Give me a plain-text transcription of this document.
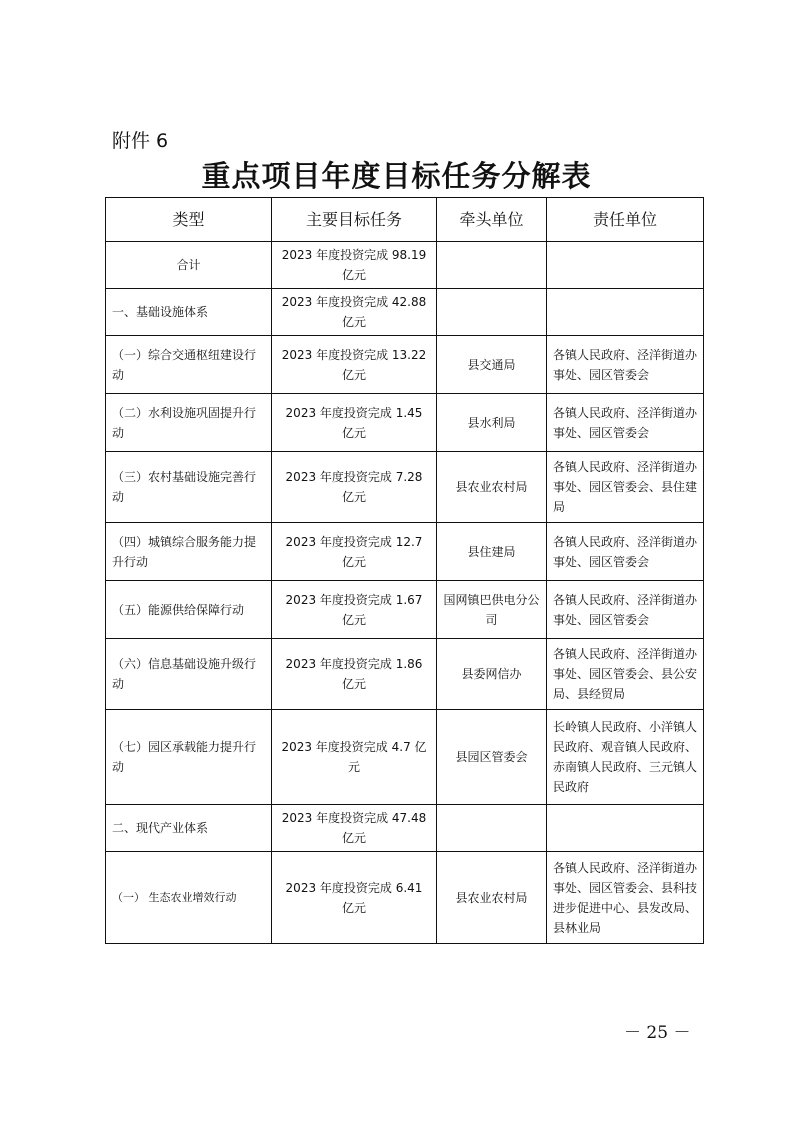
附件 6
重点项目年度目标任务分解表
类型	主要目标任务	牵头单位	责任单位
合计	2023 年度投资完成 98.19 亿元		
一、基础设施体系	2023 年度投资完成 42.88 亿元		
（一）综合交通枢纽建设行动	2023 年度投资完成 13.22 亿元	县交通局	各镇人民政府、泾洋街道办事处、园区管委会
（二）水利设施巩固提升行动	2023 年度投资完成 1.45 亿元	县水利局	各镇人民政府、泾洋街道办事处、园区管委会
（三）农村基础设施完善行动	2023 年度投资完成 7.28 亿元	县农业农村局	各镇人民政府、泾洋街道办事处、园区管委会、县住建局
（四）城镇综合服务能力提升行动	2023 年度投资完成 12.7 亿元	县住建局	各镇人民政府、泾洋街道办事处、园区管委会
（五）能源供给保障行动	2023 年度投资完成 1.67 亿元	国网镇巴供电分公司	各镇人民政府、泾洋街道办事处、园区管委会
（六）信息基础设施升级行动	2023 年度投资完成 1.86 亿元	县委网信办	各镇人民政府、泾洋街道办事处、园区管委会、县公安局、县经贸局
（七）园区承载能力提升行动	2023 年度投资完成 4.7 亿元	县园区管委会	长岭镇人民政府、小洋镇人民政府、观音镇人民政府、赤南镇人民政府、三元镇人民政府
二、现代产业体系	2023 年度投资完成 47.48 亿元		
（一） 生态农业增效行动	2023 年度投资完成 6.41 亿元	县农业农村局	各镇人民政府、泾洋街道办事处、园区管委会、县科技进步促进中心、县发改局、县林业局
－ 25 －
